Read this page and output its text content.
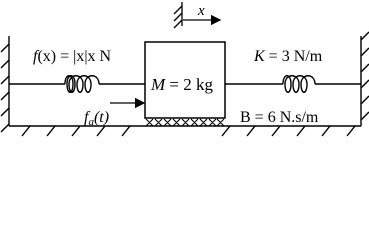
x
f(x) = |x|x N
M = 2 kg
K = 3 N/m
fa(t)	B = 6 N.s/m
